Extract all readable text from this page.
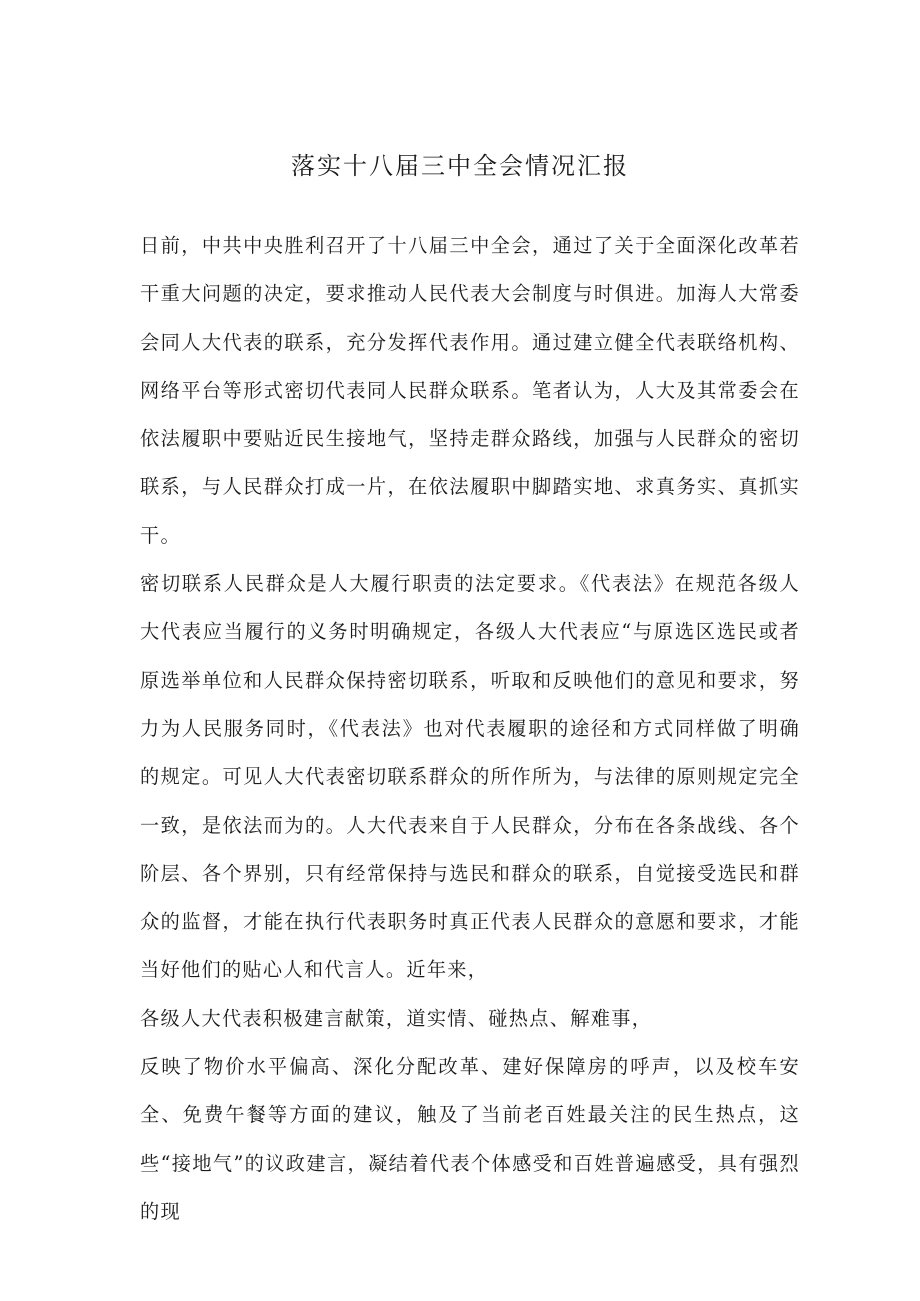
落实十八届三中全会情况汇报

日前，中共中央胜利召开了十八届三中全会，通过了关于全面深化改革若干重大问题的决定，要求推动人民代表大会制度与时俱进。加海人大常委会同人大代表的联系，充分发挥代表作用。通过建立健全代表联络机构、网络平台等形式密切代表同人民群众联系。笔者认为，人大及其常委会在依法履职中要贴近民生接地气，坚持走群众路线，加强与人民群众的密切联系，与人民群众打成一片，在依法履职中脚踏实地、求真务实、真抓实干。

密切联系人民群众是人大履行职责的法定要求。《代表法》在规范各级人大代表应当履行的义务时明确规定，各级人大代表应“与原选区选民或者原选举单位和人民群众保持密切联系，听取和反映他们的意见和要求，努力为人民服务同时，《代表法》也对代表履职的途径和方式同样做了明确的规定。可见人大代表密切联系群众的所作所为，与法律的原则规定完全一致，是依法而为的。人大代表来自于人民群众，分布在各条战线、各个阶层、各个界别，只有经常保持与选民和群众的联系，自觉接受选民和群众的监督，才能在执行代表职务时真正代表人民群众的意愿和要求，才能当好他们的贴心人和代言人。近年来，

各级人大代表积极建言献策，道实情、碰热点、解难事，

反映了物价水平偏高、深化分配改革、建好保障房的呼声，以及校车安全、免费午餐等方面的建议，触及了当前老百姓最关注的民生热点，这些“接地气”的议政建言，凝结着代表个体感受和百姓普遍感受，具有强烈的现
